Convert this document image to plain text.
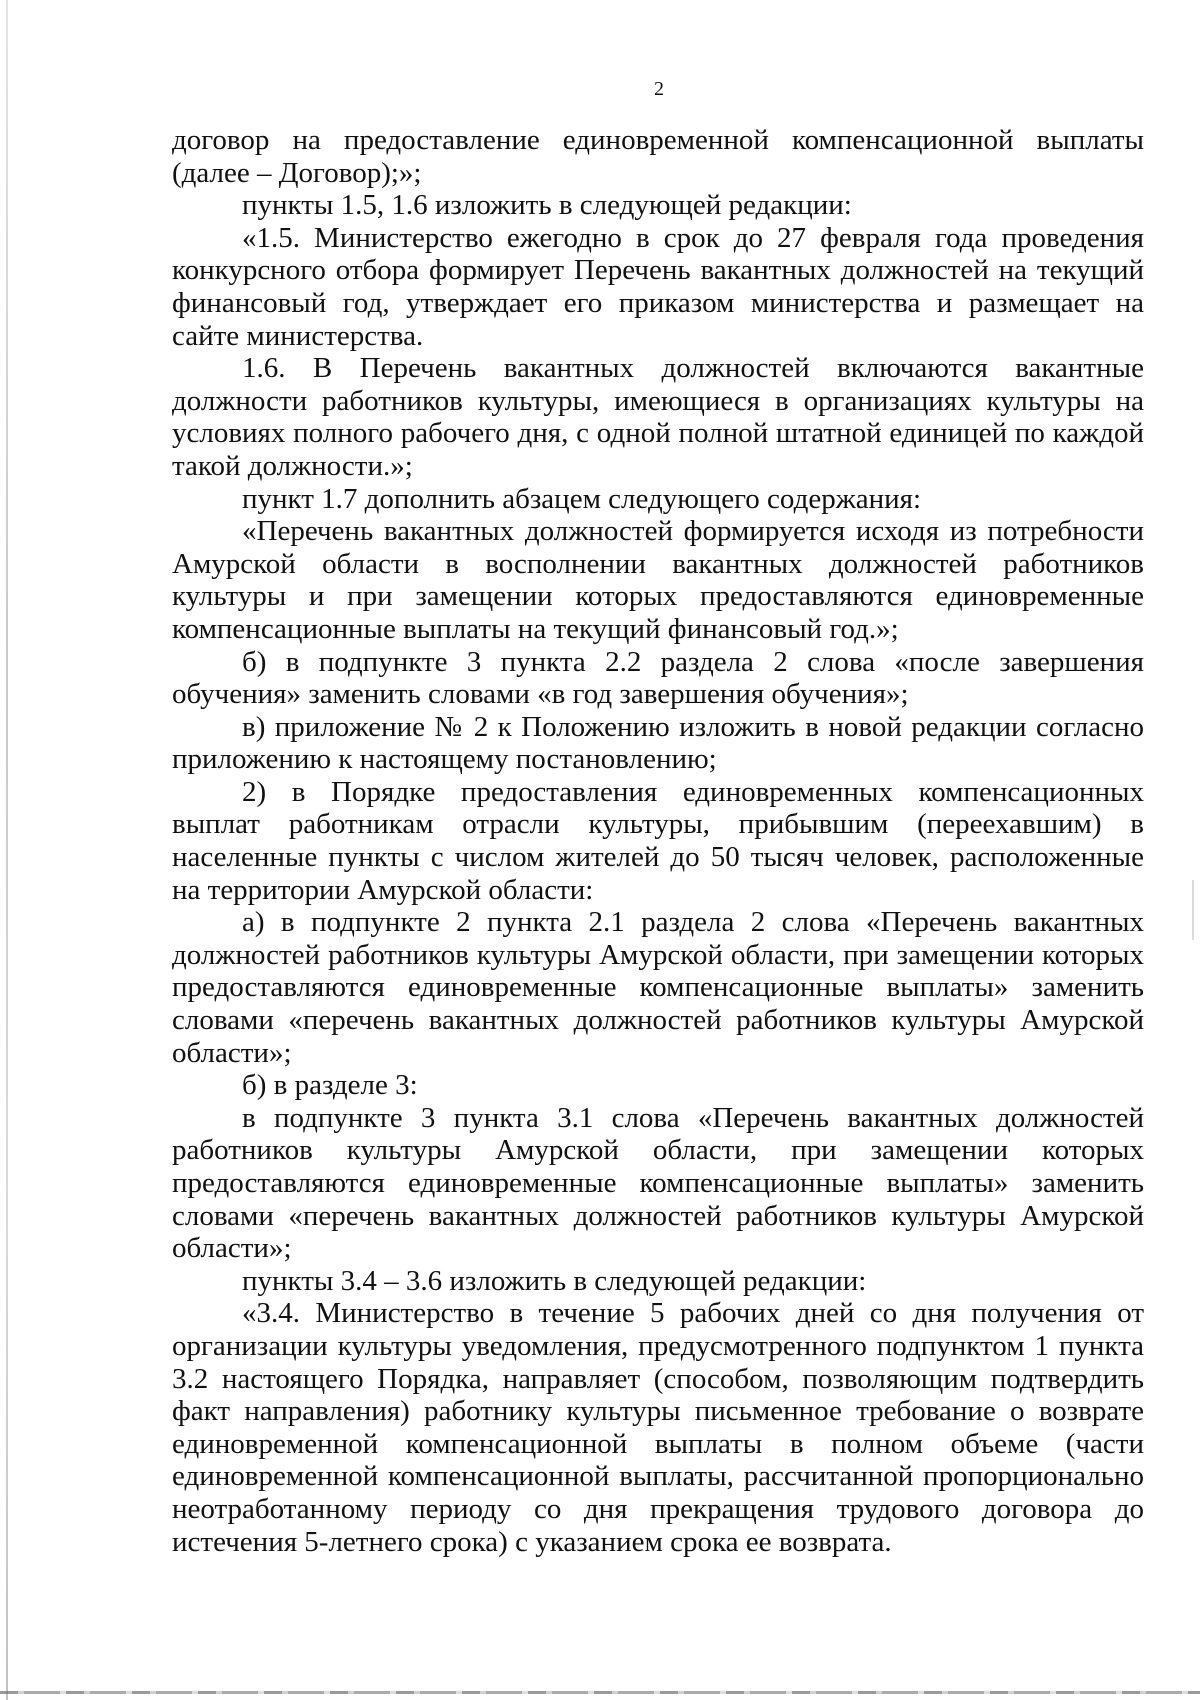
2

договор на предоставление единовременной компенсационной выплаты (далее – Договор);»;

пункты 1.5, 1.6 изложить в следующей редакции:

«1.5. Министерство ежегодно в срок до 27 февраля года проведения конкурсного отбора формирует Перечень вакантных должностей на текущий финансовый год, утверждает его приказом министерства и размещает на сайте министерства.

1.6. В Перечень вакантных должностей включаются вакантные должности работников культуры, имеющиеся в организациях культуры на условиях полного рабочего дня, с одной полной штатной единицей по каждой такой должности.»;

пункт 1.7 дополнить абзацем следующего содержания:

«Перечень вакантных должностей формируется исходя из потребности Амурской области в восполнении вакантных должностей работников культуры и при замещении которых предоставляются единовременные компенсационные выплаты на текущий финансовый год.»;

б) в подпункте 3 пункта 2.2 раздела 2 слова «после завершения обучения» заменить словами «в год завершения обучения»;

в) приложение № 2 к Положению изложить в новой редакции согласно приложению к настоящему постановлению;

2) в Порядке предоставления единовременных компенсационных выплат работникам отрасли культуры, прибывшим (переехавшим) в населенные пункты с числом жителей до 50 тысяч человек, расположенные на территории Амурской области:

а) в подпункте 2 пункта 2.1 раздела 2 слова «Перечень вакантных должностей работников культуры Амурской области, при замещении которых предоставляются единовременные компенсационные выплаты» заменить словами «перечень вакантных должностей работников культуры Амурской области»;

б) в разделе 3:

в подпункте 3 пункта 3.1 слова «Перечень вакантных должностей работников культуры Амурской области, при замещении которых предоставляются единовременные компенсационные выплаты» заменить словами «перечень вакантных должностей работников культуры Амурской области»;

пункты 3.4 – 3.6 изложить в следующей редакции:

«3.4. Министерство в течение 5 рабочих дней со дня получения от организации культуры уведомления, предусмотренного подпунктом 1 пункта 3.2 настоящего Порядка, направляет (способом, позволяющим подтвердить факт направления) работнику культуры письменное требование о возврате единовременной компенсационной выплаты в полном объеме (части единовременной компенсационной выплаты, рассчитанной пропорционально неотработанному периоду со дня прекращения трудового договора до истечения 5-летнего срока) с указанием срока ее возврата.
